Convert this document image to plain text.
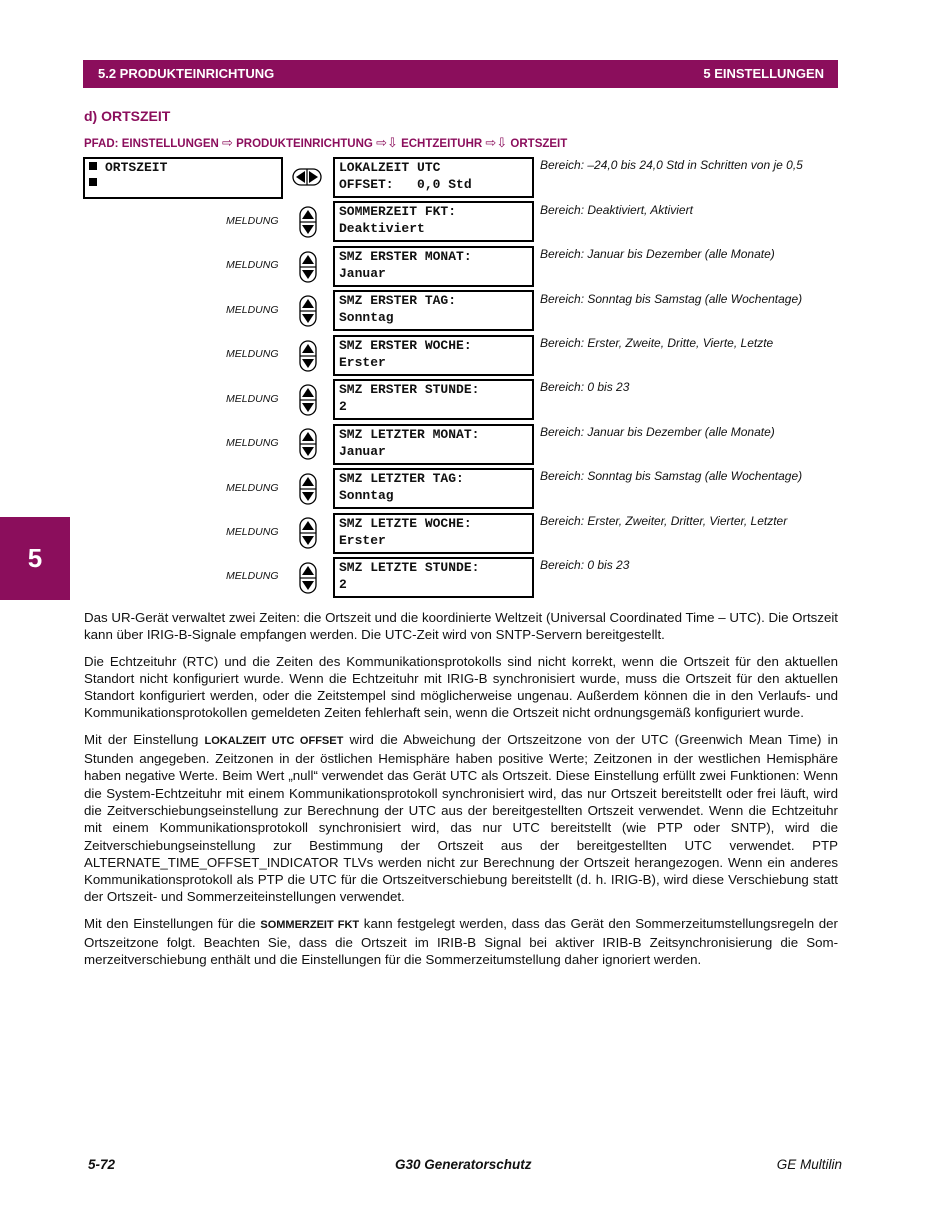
5.2 PRODUKTEINRICHTUNG	5 EINSTELLUNGEN
d) ORTSZEIT
PFAD: EINSTELLUNGEN ⇨ PRODUKTEINRICHTUNG ⇨⇩ ECHTZEITUHR ⇨⇩ ORTSZEIT
ORTSZEIT	LOKALZEIT UTC
OFFSET:   0,0 Std
Bereich: –24,0 bis 24,0 Std in Schritten von je 0,5
MELDUNG
SOMMERZEIT FKT:
Deaktiviert
Bereich: Deaktiviert, Aktiviert
MELDUNG
SMZ ERSTER MONAT:
Januar
Bereich: Januar bis Dezember (alle Monate)
MELDUNG
SMZ ERSTER TAG:
Sonntag
Bereich: Sonntag bis Samstag (alle Wochentage)
MELDUNG
SMZ ERSTER WOCHE:
Erster
Bereich: Erster, Zweite, Dritte, Vierte, Letzte
MELDUNG
SMZ ERSTER STUNDE:
2
Bereich: 0 bis 23
MELDUNG
SMZ LETZTER MONAT:
Januar
Bereich: Januar bis Dezember (alle Monate)
MELDUNG
SMZ LETZTER TAG:
Sonntag
Bereich: Sonntag bis Samstag (alle Wochentage)
MELDUNG
SMZ LETZTE WOCHE:
Erster
Bereich: Erster, Zweiter, Dritter, Vierter, Letzter
MELDUNG
SMZ LETZTE STUNDE:
2
Bereich: 0 bis 23
5

Das UR-Gerät verwaltet zwei Zeiten: die Ortszeit und die koordinierte Weltzeit (Universal Coordinated Time – UTC). Die Ortszeit kann über IRIG-B-Signale empfangen werden. Die UTC-Zeit wird von SNTP-Servern bereitgestellt.

Die Echtzeituhr (RTC) und die Zeiten des Kommunikationsprotokolls sind nicht korrekt, wenn die Ortszeit für den aktuellen Standort nicht konfiguriert wurde. Wenn die Echtzeituhr mit IRIG-B synchronisiert wurde, muss die Ortszeit für den aktuellen Standort konfiguriert werden, oder die Zeitstempel sind möglicherweise ungenau. Außerdem können die in den Verlaufs- und Kommunikationsprotokollen gemeldeten Zeiten fehlerhaft sein, wenn die Ortszeit nicht ordnungsgemäß konfiguriert wurde.

Mit der Einstellung LOKALZEIT UTC OFFSET wird die Abweichung der Ortszeitzone von der UTC (Greenwich Mean Time) in Stunden angegeben. Zeitzonen in der östlichen Hemisphäre haben positive Werte; Zeitzonen in der westlichen Hemisphäre haben negative Werte. Beim Wert „null“ verwendet das Gerät UTC als Ortszeit. Diese Einstellung erfüllt zwei Funktionen: Wenn die System-Echtzeituhr mit einem Kommunikationsprotokoll synchronisiert wird, das nur Ortszeit bereitstellt oder frei läuft, wird die Zeitverschiebungseinstellung zur Berechnung der UTC aus der bereitgestellten Ortszeit verwendet. Wenn die Echtzeituhr mit einem Kommunikationsprotokoll synchronisiert wird, das nur UTC bereitstellt (wie PTP oder SNTP), wird die Zeitverschiebungseinstellung zur Bestimmung der Ortszeit aus der bereitgestellten UTC verwendet. PTP ALTERNATE_TIME_OFFSET_INDICATOR TLVs werden nicht zur Berechnung der Ortszeit herangezogen. Wenn ein anderes Kommunikationsprotokoll als PTP die UTC für die Ortszeitverschiebung bereitstellt (d. h. IRIG-B), wird diese Verschiebung statt der Ortszeit- und Sommerzeiteinstellungen verwendet.

Mit den Einstellungen für die SOMMERZEIT FKT kann festgelegt werden, dass das Gerät den Sommerzeitumstellungsregeln der Ortszeitzone folgt. Beachten Sie, dass die Ortszeit im IRIB-B Signal bei aktiver IRIB-B Zeitsynchronisierung die Sommerzeitverschiebung enthält und die Einstellungen für die Sommerzeitumstellung daher ignoriert werden.

5-72	G30 Generatorschutz	GE Multilin
